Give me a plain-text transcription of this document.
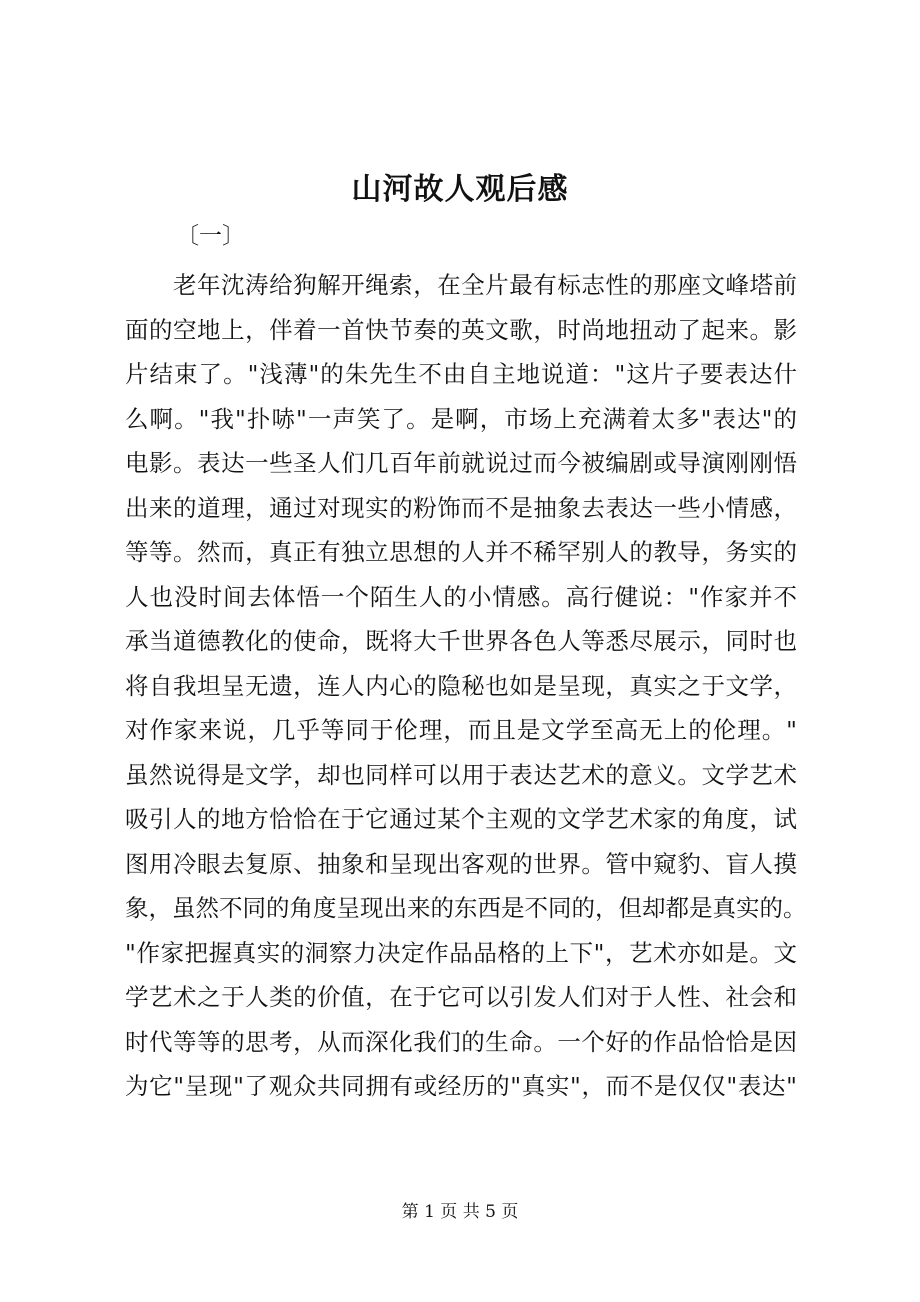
山河故人观后感

〔一〕

老年沈涛给狗解开绳索，在全片最有标志性的那座文峰塔前
面的空地上，伴着一首快节奏的英文歌，时尚地扭动了起来。影
片结束了。"浅薄"的朱先生不由自主地说道："这片子要表达什
么啊。"我"扑哧"一声笑了。是啊，市场上充满着太多"表达"的
电影。表达一些圣人们几百年前就说过而今被编剧或导演刚刚悟
出来的道理，通过对现实的粉饰而不是抽象去表达一些小情感，
等等。然而，真正有独立思想的人并不稀罕别人的教导，务实的
人也没时间去体悟一个陌生人的小情感。高行健说："作家并不
承当道德教化的使命，既将大千世界各色人等悉尽展示，同时也
将自我坦呈无遗，连人内心的隐秘也如是呈现，真实之于文学，
对作家来说，几乎等同于伦理，而且是文学至高无上的伦理。"
虽然说得是文学，却也同样可以用于表达艺术的意义。文学艺术
吸引人的地方恰恰在于它通过某个主观的文学艺术家的角度，试
图用冷眼去复原、抽象和呈现出客观的世界。管中窥豹、盲人摸
象，虽然不同的角度呈现出来的东西是不同的，但却都是真实的。
"作家把握真实的洞察力决定作品品格的上下"，艺术亦如是。文
学艺术之于人类的价值，在于它可以引发人们对于人性、社会和
时代等等的思考，从而深化我们的生命。一个好的作品恰恰是因
为它"呈现"了观众共同拥有或经历的"真实"，而不是仅仅"表达"
第 1 页 共 5 页
